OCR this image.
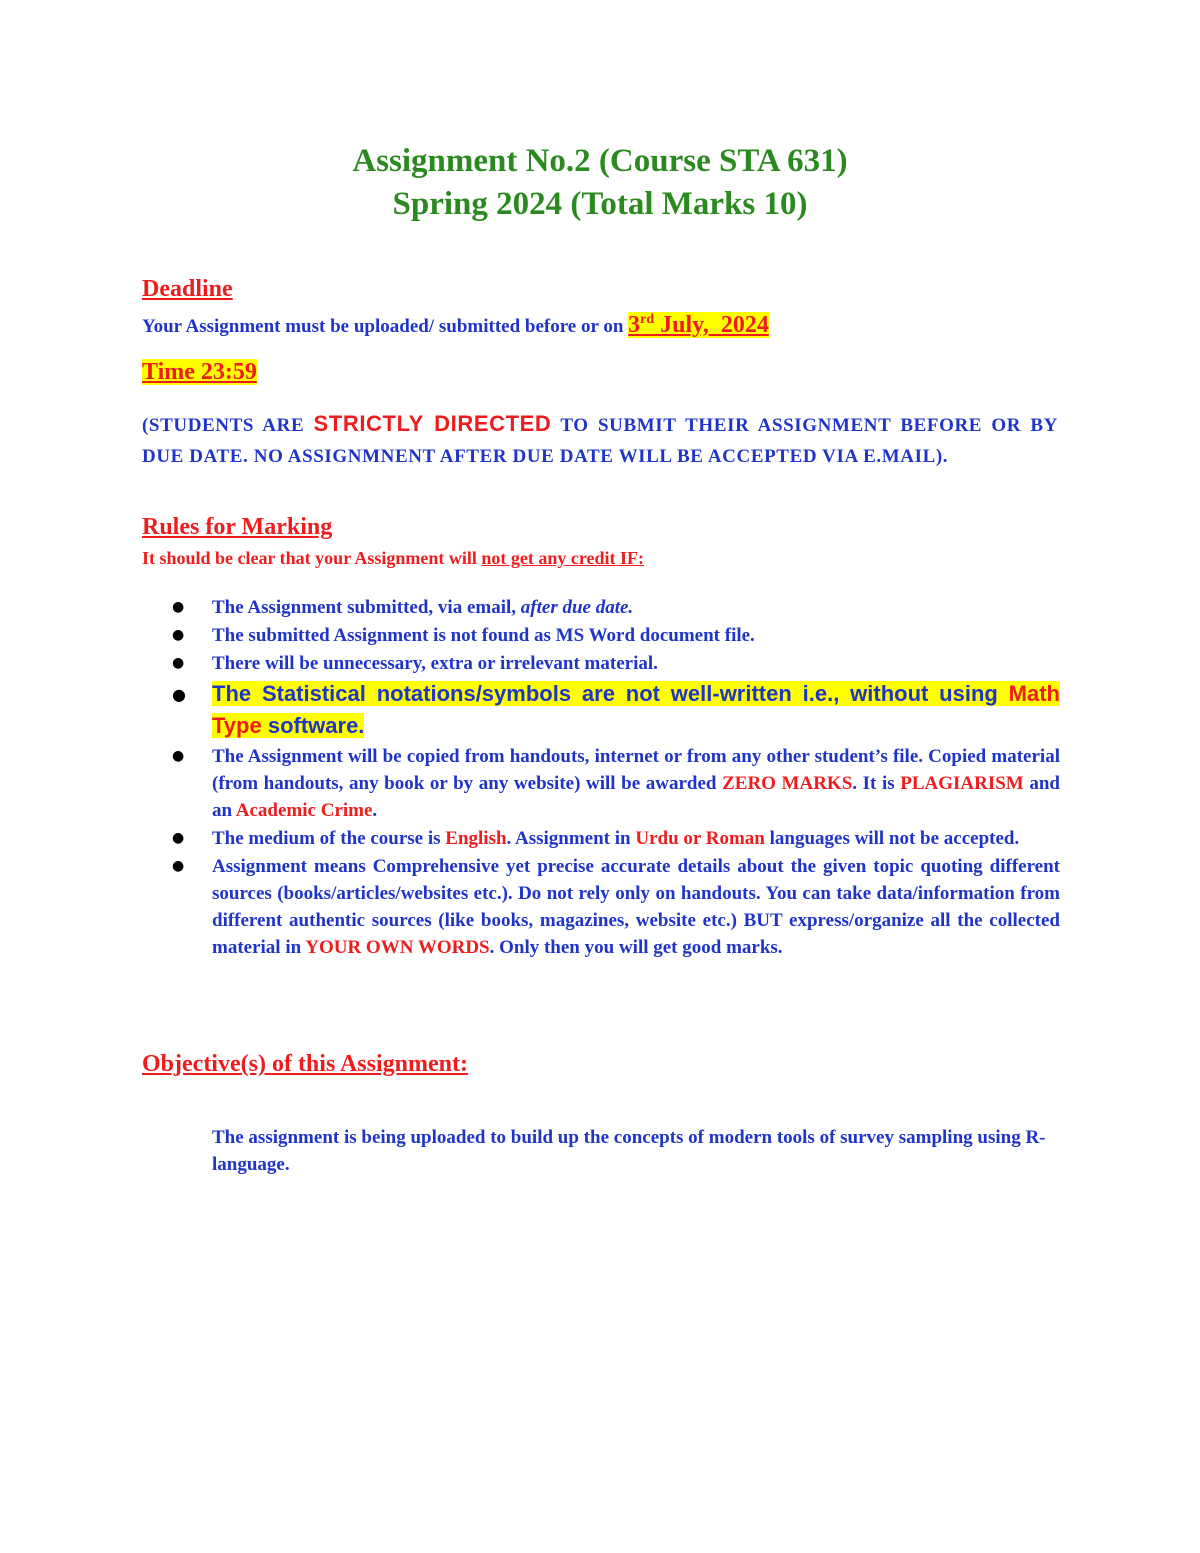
Assignment No.2 (Course STA 631)
Spring 2024 (Total Marks 10)
Deadline
Your Assignment must be uploaded/ submitted before or on 3rd July,  2024
Time 23:59
(STUDENTS ARE STRICTLY DIRECTED TO SUBMIT THEIR ASSIGNMENT BEFORE OR BY DUE DATE. NO ASSIGNMNENT AFTER DUE DATE WILL BE ACCEPTED VIA E.MAIL).
Rules for Marking
It should be clear that your Assignment will not get any credit IF:
● The Assignment submitted, via email, after due date.
● The submitted Assignment is not found as MS Word document file.
● There will be unnecessary, extra or irrelevant material.
● The Statistical notations/symbols are not well-written i.e., without using Math Type software.
● The Assignment will be copied from handouts, internet or from any other student’s file. Copied material (from handouts, any book or by any website) will be awarded ZERO MARKS. It is PLAGIARISM and an Academic Crime.
● The medium of the course is English. Assignment in Urdu or Roman languages will not be accepted.
● Assignment means Comprehensive yet precise accurate details about the given topic quoting different sources (books/articles/websites etc.). Do not rely only on handouts. You can take data/information from different authentic sources (like books, magazines, website etc.) BUT express/organize all the collected material in YOUR OWN WORDS. Only then you will get good marks.
Objective(s) of this Assignment:
The assignment is being uploaded to build up the concepts of modern tools of survey sampling using R-language.
